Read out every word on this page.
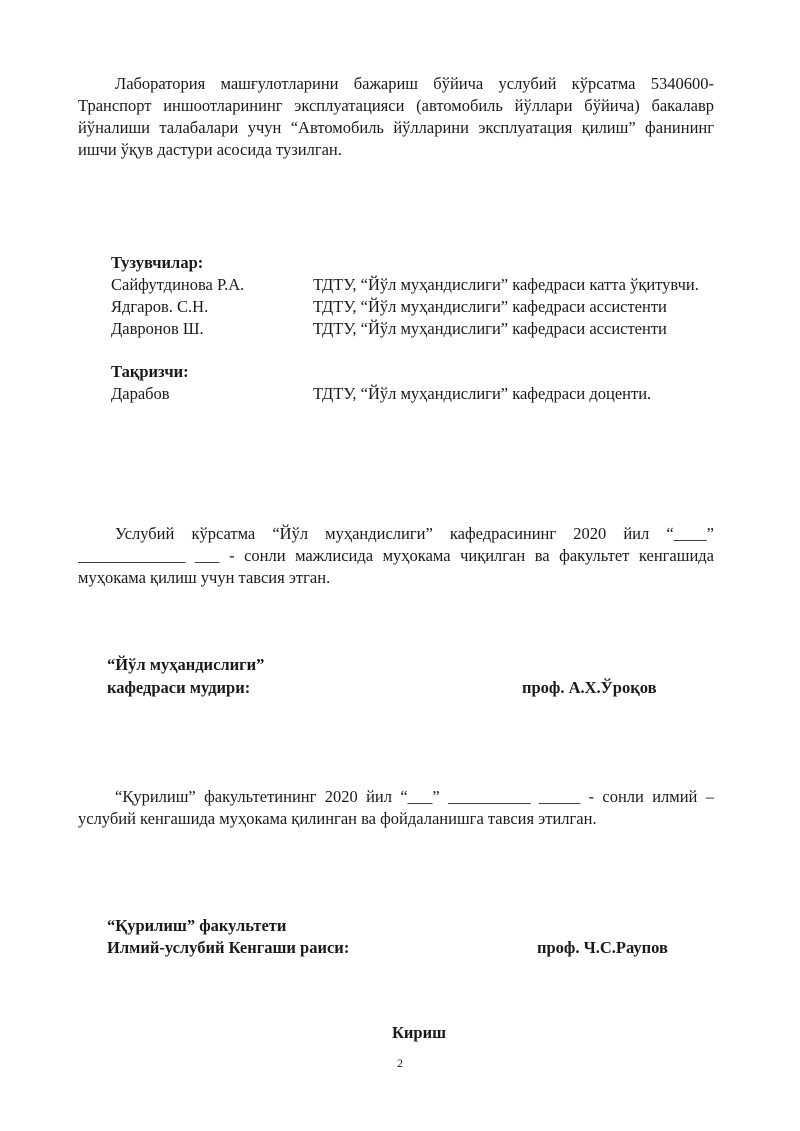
Лаборатория машғулотларини бажариш бўйича услубий кўрсатма 5340600-Транспорт иншоотларининг эксплуатацияси (автомобиль йўллари бўйича) бакалавр йўналиши талабалари учун “Автомобиль йўлларини эксплуатация қилиш” фанининг ишчи ўқув дастури асосида тузилган.

Тузувчилар:

Сайфутдинова Р.А.	ТДТУ, “Йўл муҳандислиги” кафедраси катта ўқитувчи.
Ядгаров. С.Н.	ТДТУ, “Йўл муҳандислиги” кафедраси ассистенти
Давронов Ш.	ТДТУ, “Йўл муҳандислиги” кафедраси ассистенти

Тақризчи:

Дарабов	ТДТУ, “Йўл муҳандислиги” кафедраси доценти.

Услубий кўрсатма “Йўл муҳандислиги” кафедрасининг 2020 йил “____” _____________ ___ - сонли мажлисида муҳокама чиқилган ва факультет кенгашида муҳокама қилиш учун тавсия этган.

“Йўл муҳандислиги”
кафедраси мудири:	проф. А.Х.Ўроқов

“Қурилиш” факультетининг 2020 йил “___” __________ _____ - сонли илмий – услубий кенгашида муҳокама қилинган ва фойдаланишга тавсия этилган.

“Қурилиш” факультети
Илмий-услубий Кенгаши раиси:	проф. Ч.С.Раупов
Кириш
2
